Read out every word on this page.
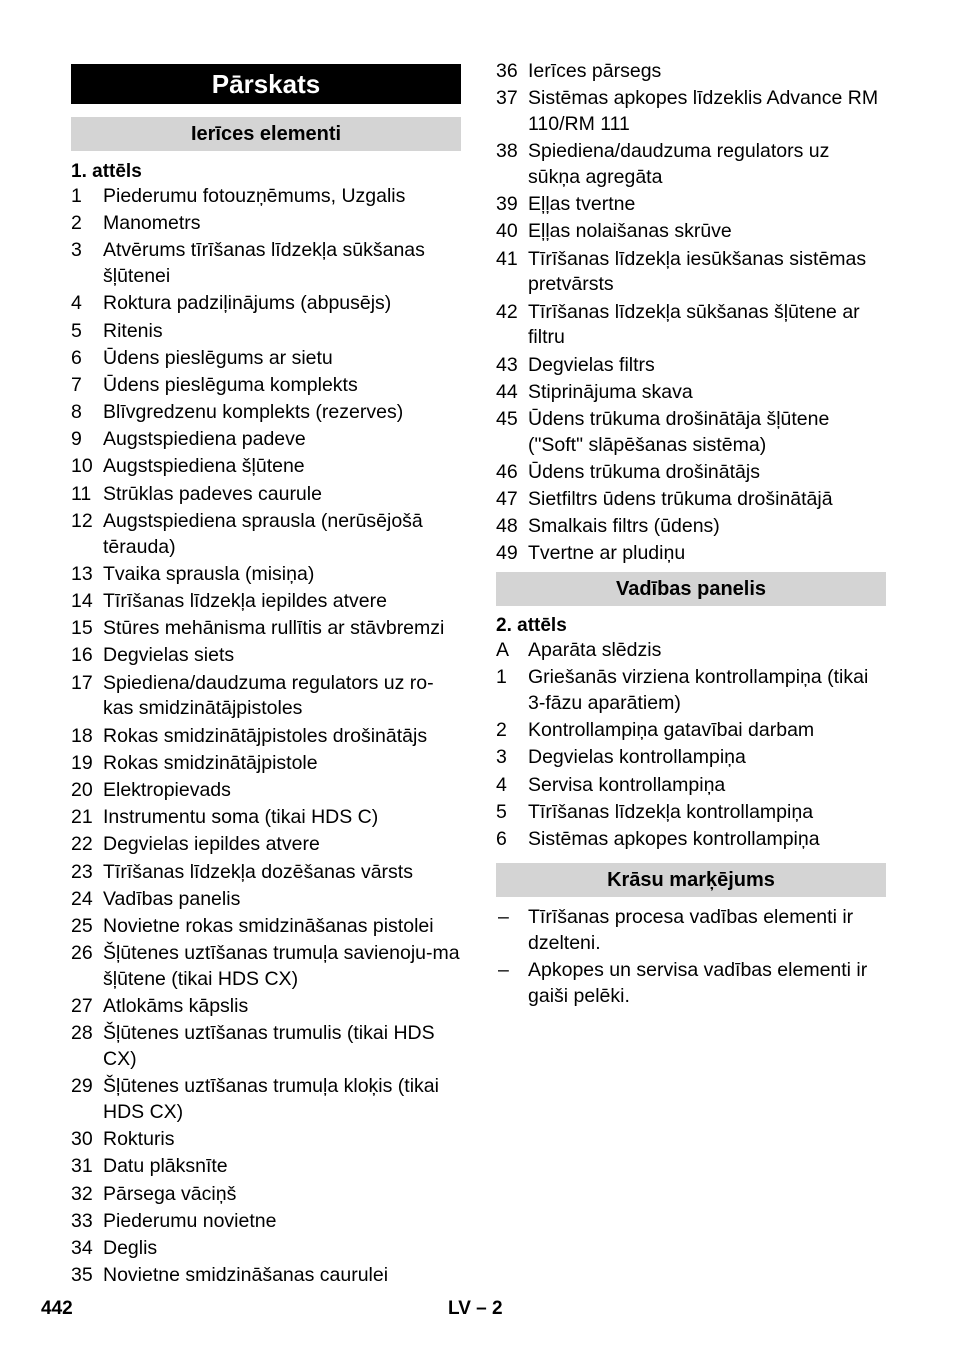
Pārskats
Ierīces elementi
1. attēls
1	Piederumu fotouzņēmums, Uzgalis
2	Manometrs
3	Atvērums tīrīšanas līdzekļa sūkšanas šļūtenei
4	Roktura padziļinājums (abpusējs)
5	Ritenis
6	Ūdens pieslēgums ar sietu
7	Ūdens pieslēguma komplekts
8	Blīvgredzenu komplekts (rezerves)
9	Augstspiediena padeve
10 Augstspiediena šļūtene
11 Strūklas padeves caurule
12 Augstspiediena sprausla (nerūsējošā tērauda)
13 Tvaika sprausla (misiņa)
14 Tīrīšanas līdzekļa iepildes atvere
15 Stūres mehānisma rullītis ar stāvbremzi
16 Degvielas siets
17 Spiediena/daudzuma regulators uz ro-kas smidzinātājpistoles
18 Rokas smidzinātājpistoles drošinātājs
19 Rokas smidzinātājpistole
20 Elektropievads
21 Instrumentu soma (tikai HDS C)
22 Degvielas iepildes atvere
23 Tīrīšanas līdzekļa dozēšanas vārsts
24 Vadības panelis
25 Novietne rokas smidzināšanas pistolei
26 Šļūtenes uztīšanas trumuļa savienoju-ma šļūtene (tikai HDS CX)
27 Atlokāms kāpslis
28 Šļūtenes uztīšanas trumulis (tikai HDS CX)
29 Šļūtenes uztīšanas trumuļa kloķis (tikai HDS CX)
30 Rokturis
31 Datu plāksnīte
32 Pārsega vāciņš
33 Piederumu novietne
34 Deglis
35 Novietne smidzināšanas caurulei
36 Ierīces pārsegs
37 Sistēmas apkopes līdzeklis Advance RM 110/RM 111
38 Spiediena/daudzuma regulators uz sūkņa agregāta
39 Eļļas tvertne
40 Eļļas nolaišanas skrūve
41 Tīrīšanas līdzekļa iesūkšanas sistēmas pretvārsts
42 Tīrīšanas līdzekļa sūkšanas šļūtene ar filtru
43 Degvielas filtrs
44 Stiprinājuma skava
45 Ūdens trūkuma drošinātāja šļūtene ("Soft" slāpēšanas sistēma)
46 Ūdens trūkuma drošinātājs
47 Sietfiltrs ūdens trūkuma drošinātājā
48 Smalkais filtrs (ūdens)
49 Tvertne ar pludiņu
Vadības panelis
2. attēls
A Aparāta slēdzis
1	Griešanās virziena kontrollampiņa (tikai 3-fāzu aparātiem)
2	Kontrollampiņa gatavībai darbam
3	Degvielas kontrollampiņa
4	Servisa kontrollampiņa
5	Tīrīšanas līdzekļa kontrollampiņa
6	Sistēmas apkopes kontrollampiņa
Krāsu marķējums
– Tīrīšanas procesa vadības elementi ir dzelteni.
– Apkopes un servisa vadības elementi ir gaiši pelēki.
442	LV – 2
